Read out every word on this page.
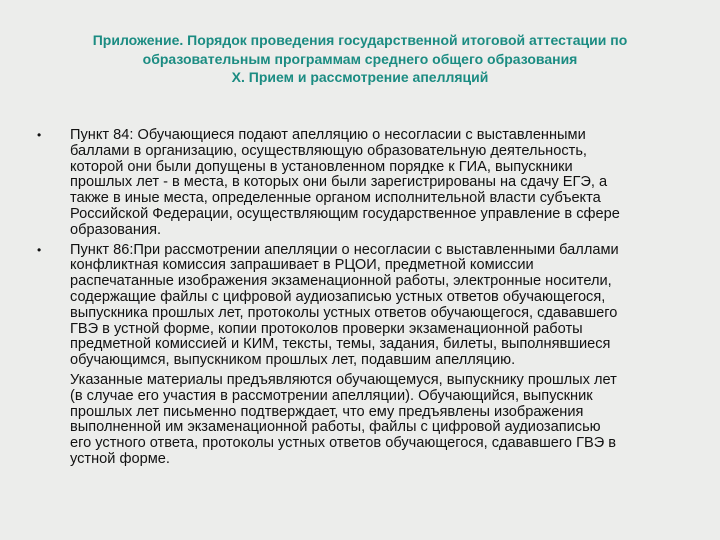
Приложение. Порядок проведения государственной итоговой аттестации по
образовательным программам среднего общего образования
X. Прием и рассмотрение апелляций
• Пункт 84: Обучающиеся подают апелляцию о несогласии с выставленными
баллами в организацию, осуществляющую образовательную деятельность,
которой они были допущены в установленном порядке к ГИА, выпускники
прошлых лет - в места, в которых они были зарегистрированы на сдачу ЕГЭ, а
также в иные места, определенные органом исполнительной власти субъекта
Российской Федерации, осуществляющим государственное управление в сфере
образования.
• Пункт 86:При рассмотрении апелляции о несогласии с выставленными баллами
конфликтная комиссия запрашивает в РЦОИ, предметной комиссии
распечатанные изображения экзаменационной работы, электронные носители,
содержащие файлы с цифровой аудиозаписью устных ответов обучающегося,
выпускника прошлых лет, протоколы устных ответов обучающегося, сдававшего
ГВЭ в устной форме, копии протоколов проверки экзаменационной работы
предметной комиссией и КИМ, тексты, темы, задания, билеты, выполнявшиеся
обучающимся, выпускником прошлых лет, подавшим апелляцию.
Указанные материалы предъявляются обучающемуся, выпускнику прошлых лет
(в случае его участия в рассмотрении апелляции). Обучающийся, выпускник
прошлых лет письменно подтверждает, что ему предъявлены изображения
выполненной им экзаменационной работы, файлы с цифровой аудиозаписью
его устного ответа, протоколы устных ответов обучающегося, сдававшего ГВЭ в
устной форме.
